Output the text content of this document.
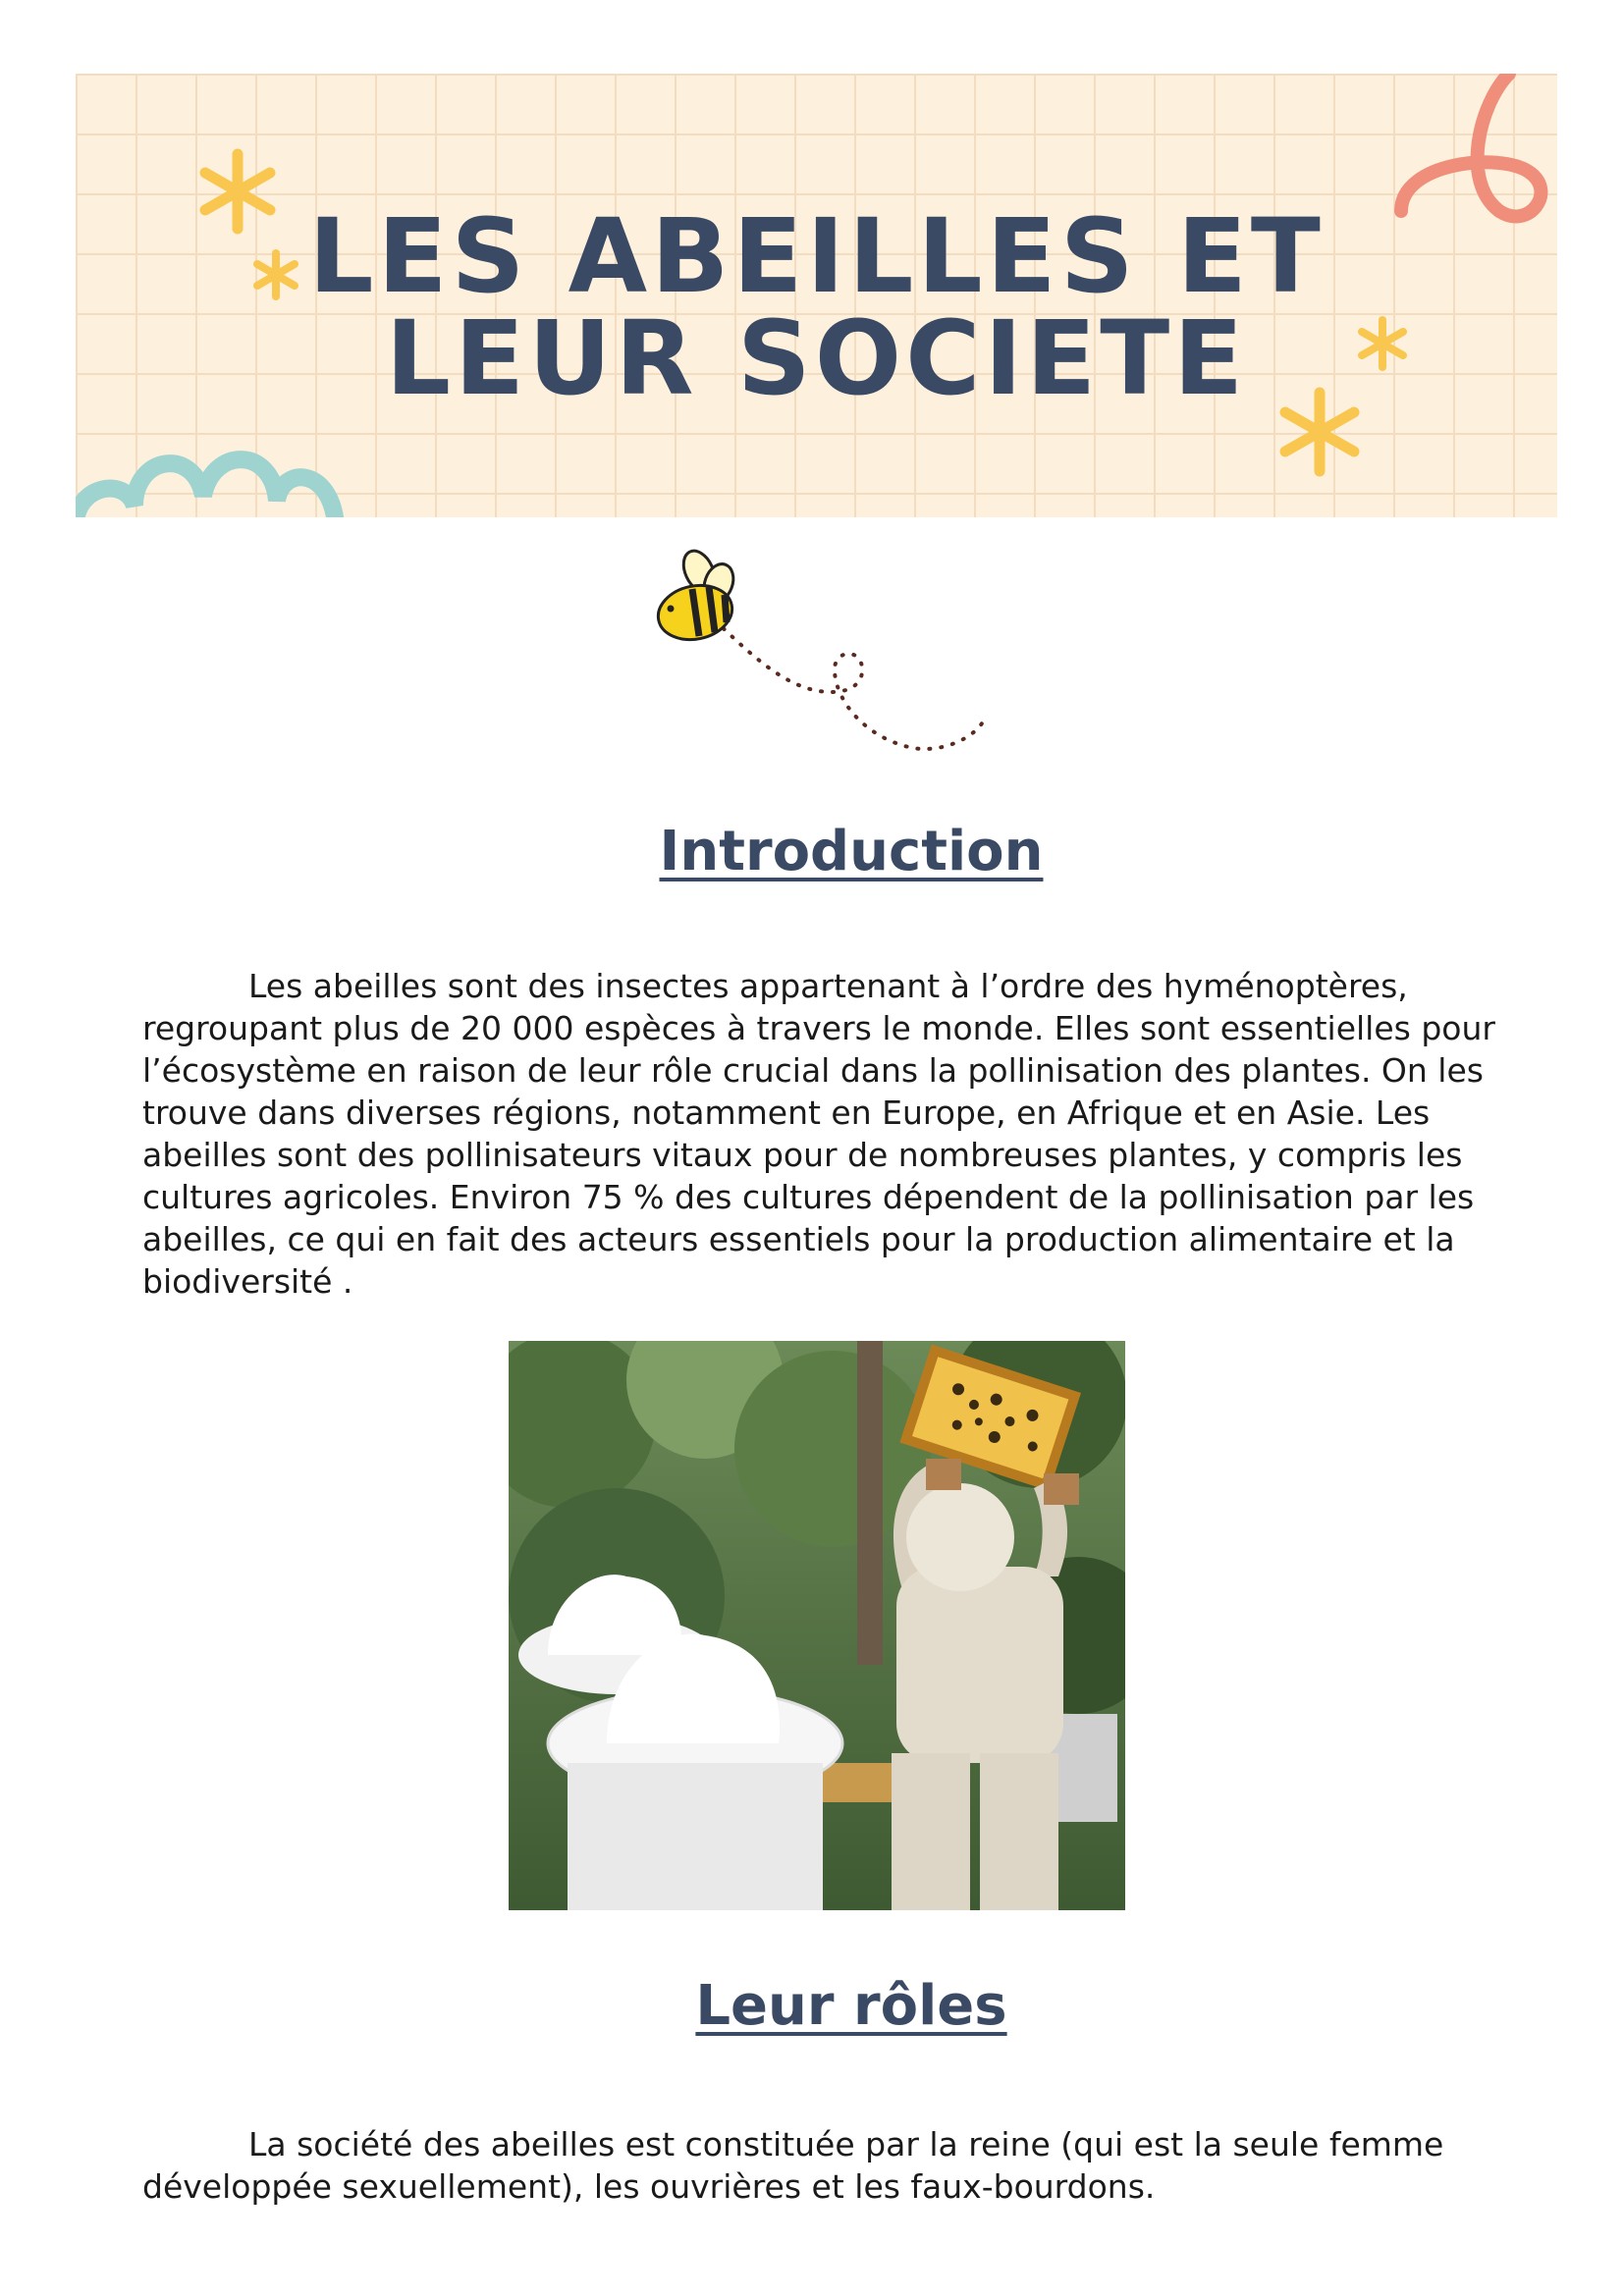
LES ABEILLES ET
LEUR SOCIETE
Introduction

Les abeilles sont des insectes appartenant à l’ordre des hyménoptères, regroupant plus de 20 000 espèces à travers le monde. Elles sont essentielles pour l’écosystème en raison de leur rôle crucial dans la pollinisation des plantes. On les trouve dans diverses régions, notamment en Europe, en Afrique et en Asie. Les abeilles sont des pollinisateurs vitaux pour de nombreuses plantes, y compris les cultures agricoles. Environ 75 % des cultures dépendent de la pollinisation par les abeilles, ce qui en fait des acteurs essentiels pour la production alimentaire et la biodiversité .

Leur rôles

La société des abeilles est constituée par la reine (qui est la seule femme développée sexuellement), les ouvrières et les faux-bourdons.
